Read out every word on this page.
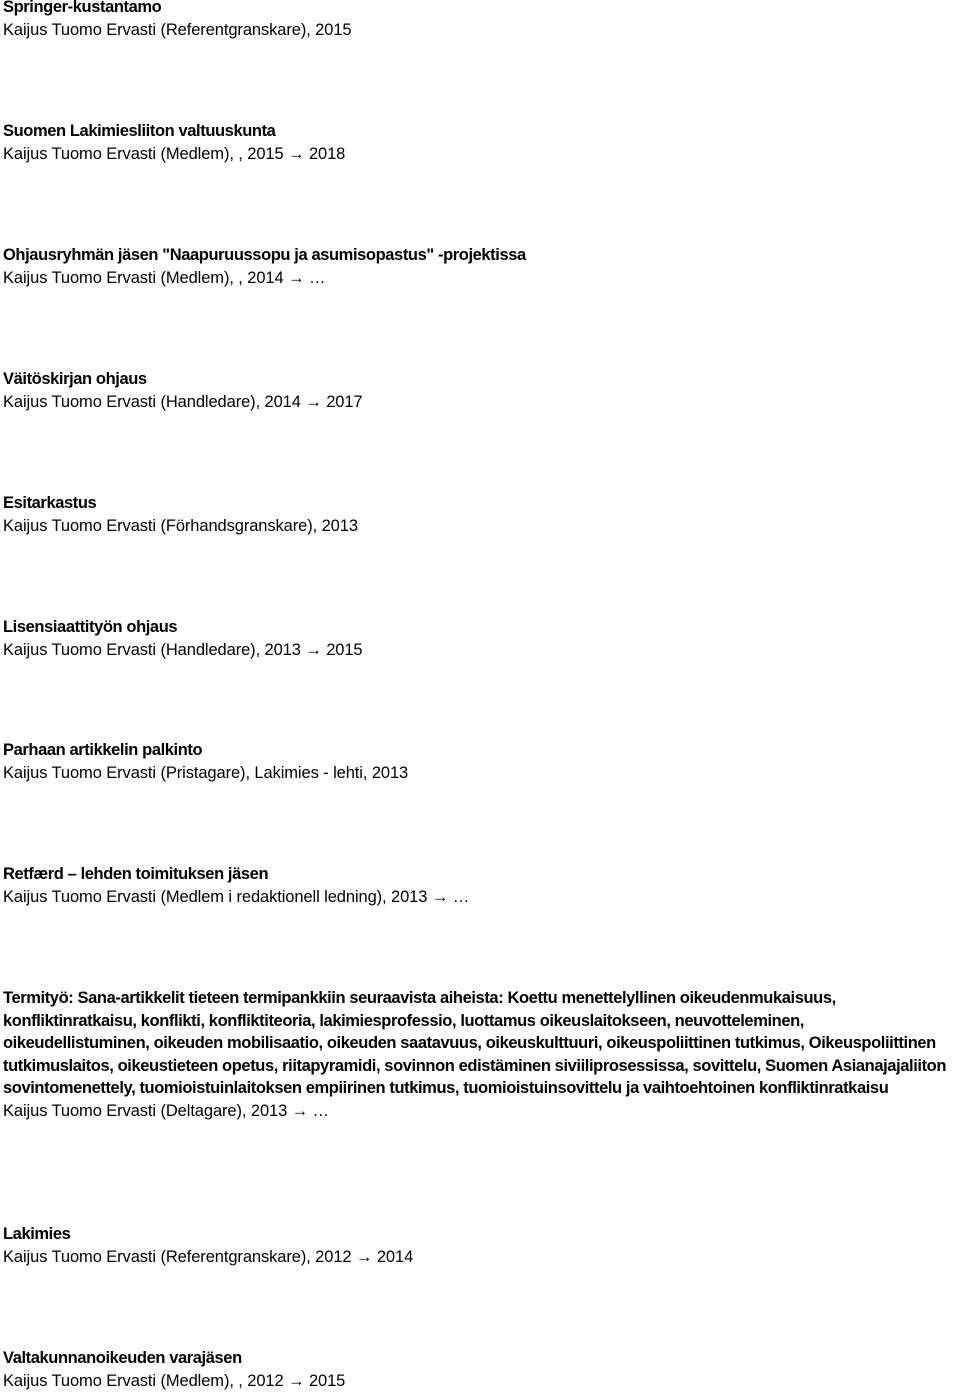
Springer-kustantamo

Kaijus Tuomo Ervasti (Referentgranskare), 2015

Suomen Lakimiesliiton valtuuskunta

Kaijus Tuomo Ervasti (Medlem), , 2015 → 2018

Ohjausryhmän jäsen "Naapuruussopu ja asumisopastus" -projektissa

Kaijus Tuomo Ervasti (Medlem), , 2014 → …

Väitöskirjan ohjaus

Kaijus Tuomo Ervasti (Handledare), 2014 → 2017

Esitarkastus

Kaijus Tuomo Ervasti (Förhandsgranskare), 2013

Lisensiaattityön ohjaus

Kaijus Tuomo Ervasti (Handledare), 2013 → 2015

Parhaan artikkelin palkinto

Kaijus Tuomo Ervasti (Pristagare), Lakimies - lehti, 2013

Retfærd – lehden toimituksen jäsen

Kaijus Tuomo Ervasti (Medlem i redaktionell ledning), 2013 → …

Termityö: Sana-artikkelit tieteen termipankkiin seuraavista aiheista: Koettu menettelyllinen oikeudenmukaisuus, konfliktinratkaisu, konflikti, konfliktiteoria, lakimiesprofessio, luottamus oikeuslaitokseen, neuvotteleminen, oikeudellistuminen, oikeuden mobilisaatio, oikeuden saatavuus, oikeuskulttuuri, oikeuspoliittinen tutkimus, Oikeuspoliittinen tutkimuslaitos, oikeustieteen opetus, riitapyramidi, sovinnon edistäminen siviiliprosessissa, sovittelu, Suomen Asianajajaliiton sovintomenettely, tuomioistuinlaitoksen empiirinen tutkimus, tuomioistuinsovittelu ja vaihtoehtoinen konfliktinratkaisu

Kaijus Tuomo Ervasti (Deltagare), 2013 → …

Lakimies

Kaijus Tuomo Ervasti (Referentgranskare), 2012 → 2014

Valtakunnanoikeuden varajäsen

Kaijus Tuomo Ervasti (Medlem), , 2012 → 2015
